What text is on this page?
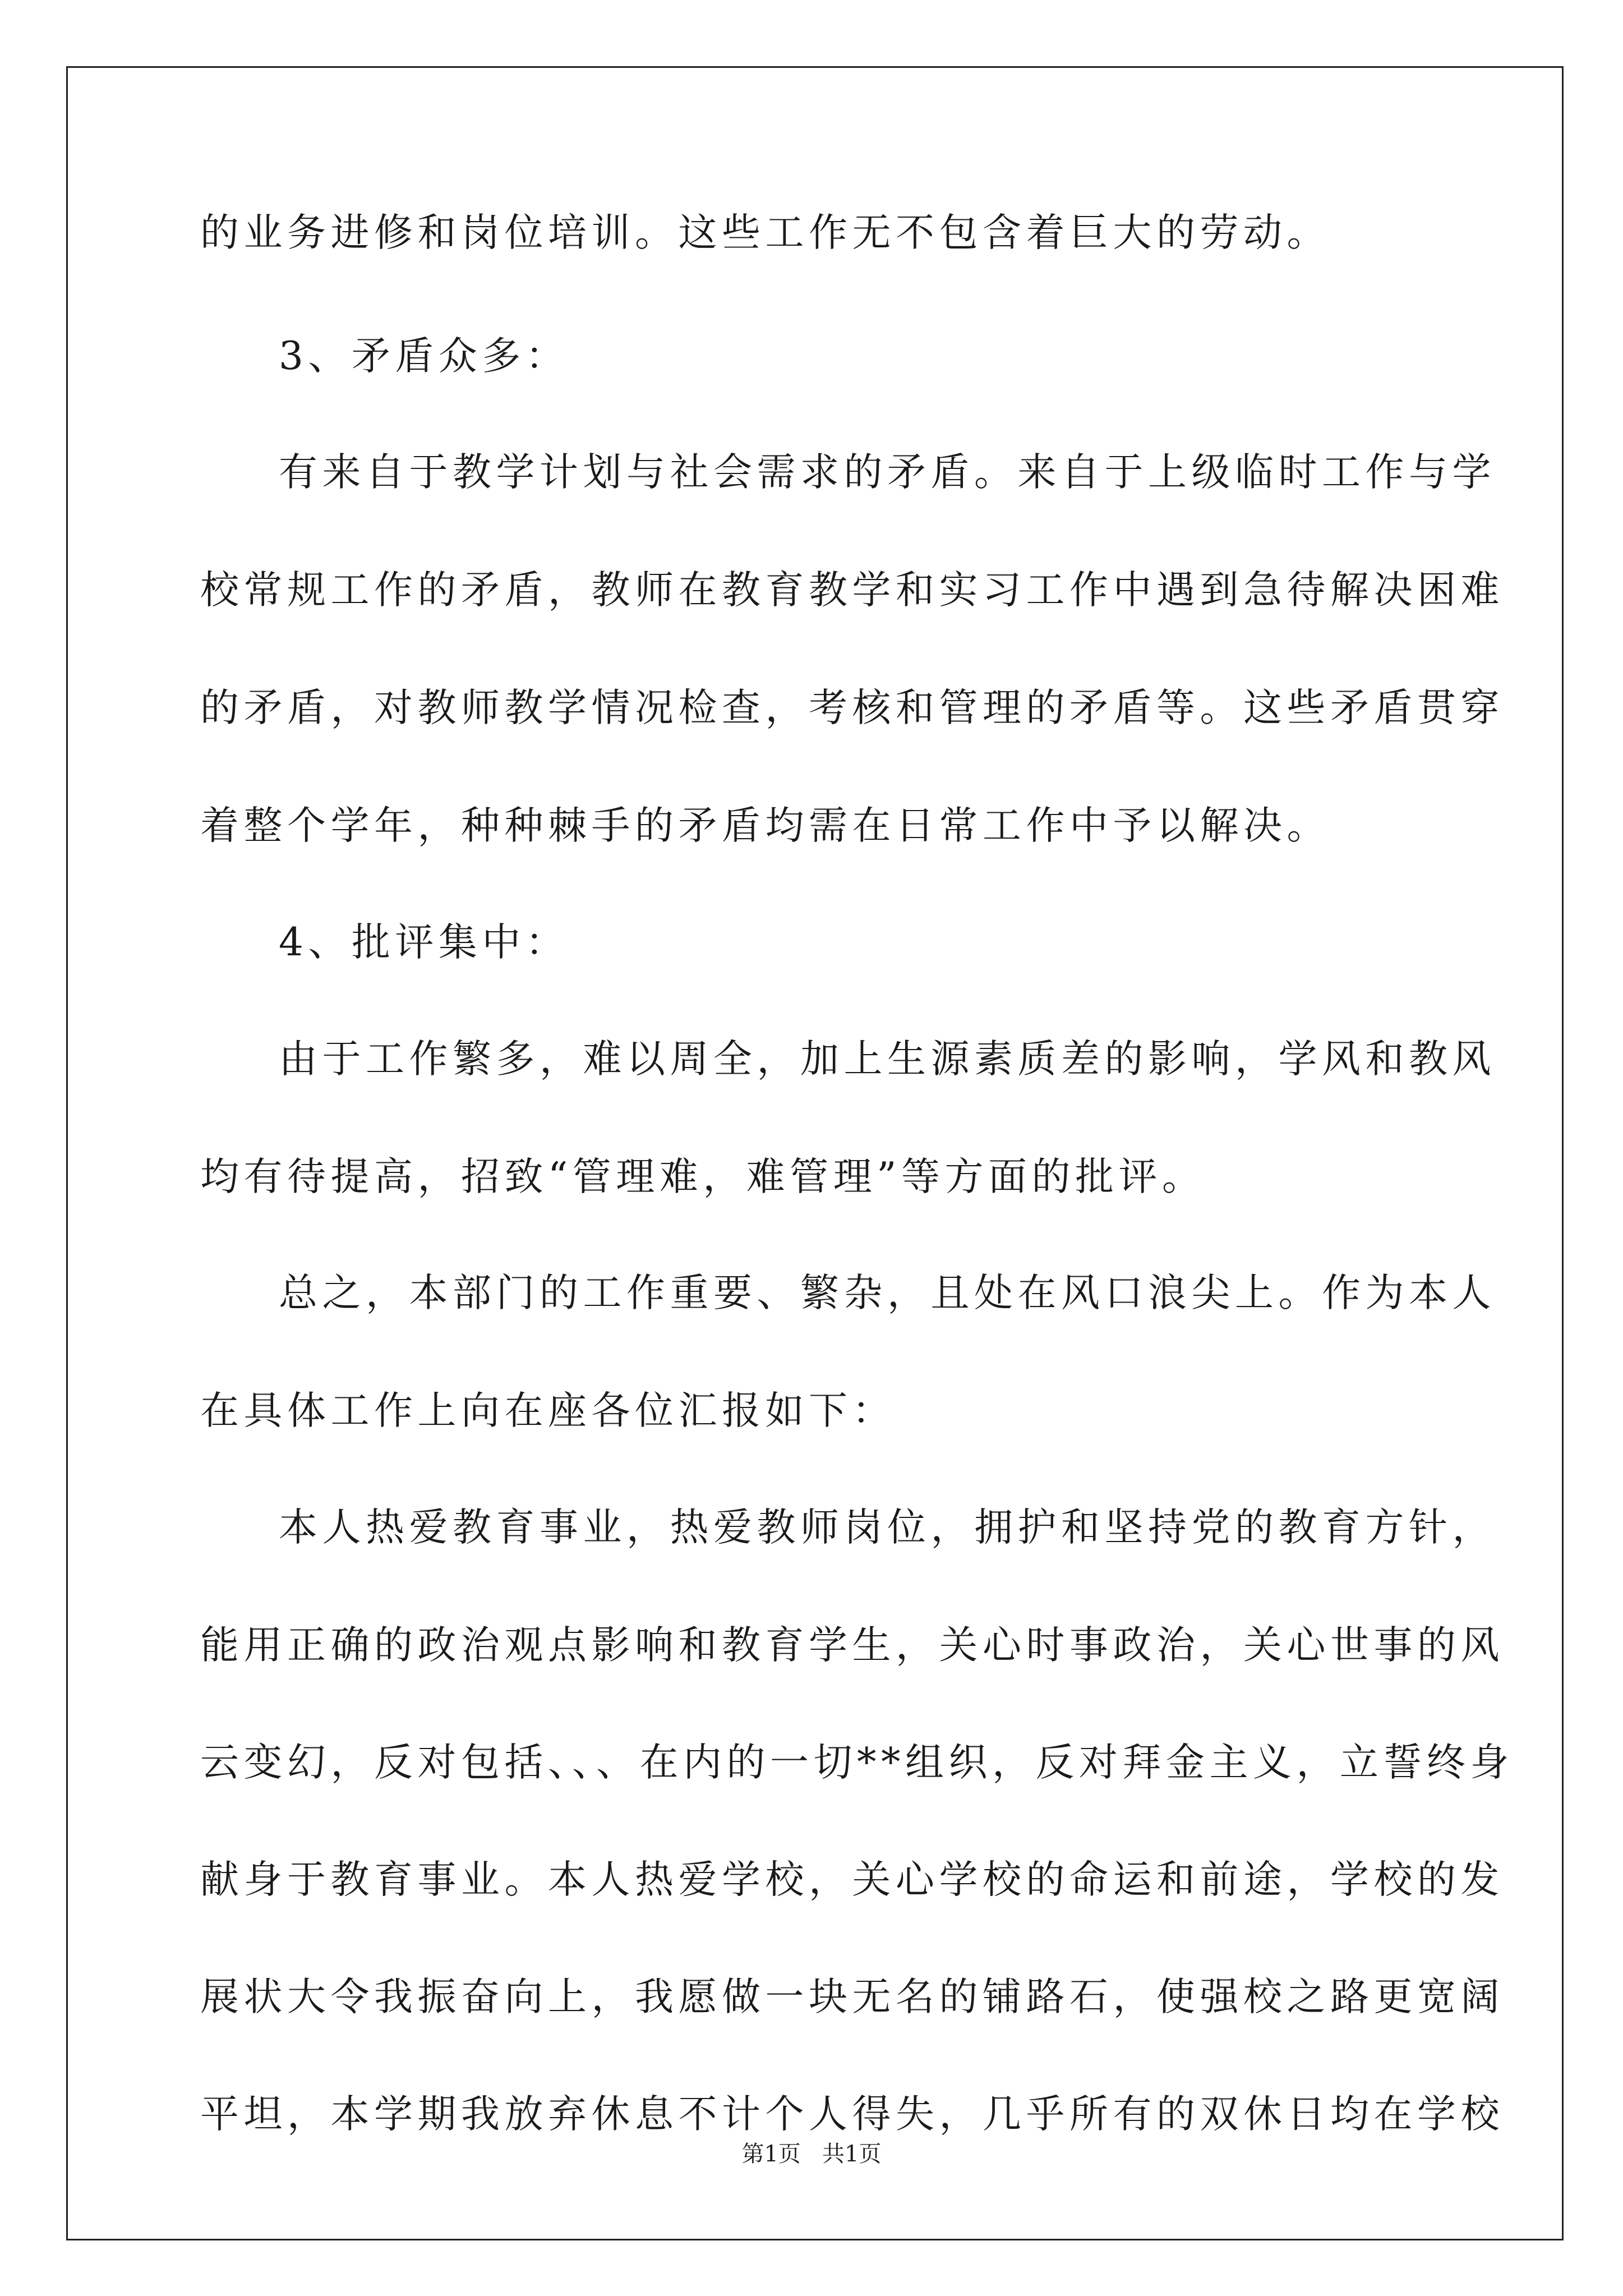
的业务进修和岗位培训。这些工作无不包含着巨大的劳动。
3、矛盾众多：
有来自于教学计划与社会需求的矛盾。来自于上级临时工作与学
校常规工作的矛盾，教师在教育教学和实习工作中遇到急待解决困难
的矛盾，对教师教学情况检查，考核和管理的矛盾等。这些矛盾贯穿
着整个学年，种种棘手的矛盾均需在日常工作中予以解决。
4、批评集中：
由于工作繁多，难以周全，加上生源素质差的影响，学风和教风
均有待提高，招致“管理难，难管理”等方面的批评。
总之，本部门的工作重要、繁杂，且处在风口浪尖上。作为本人
在具体工作上向在座各位汇报如下：
本人热爱教育事业，热爱教师岗位，拥护和坚持党的教育方针，
能用正确的政治观点影响和教育学生，关心时事政治，关心世事的风
云变幻，反对包括、、、在内的一切**组织，反对拜金主义，立誓终身
献身于教育事业。本人热爱学校，关心学校的命运和前途，学校的发
展状大令我振奋向上，我愿做一块无名的铺路石，使强校之路更宽阔
平坦，本学期我放弃休息不计个人得失，几乎所有的双休日均在学校
第1页   共1页
